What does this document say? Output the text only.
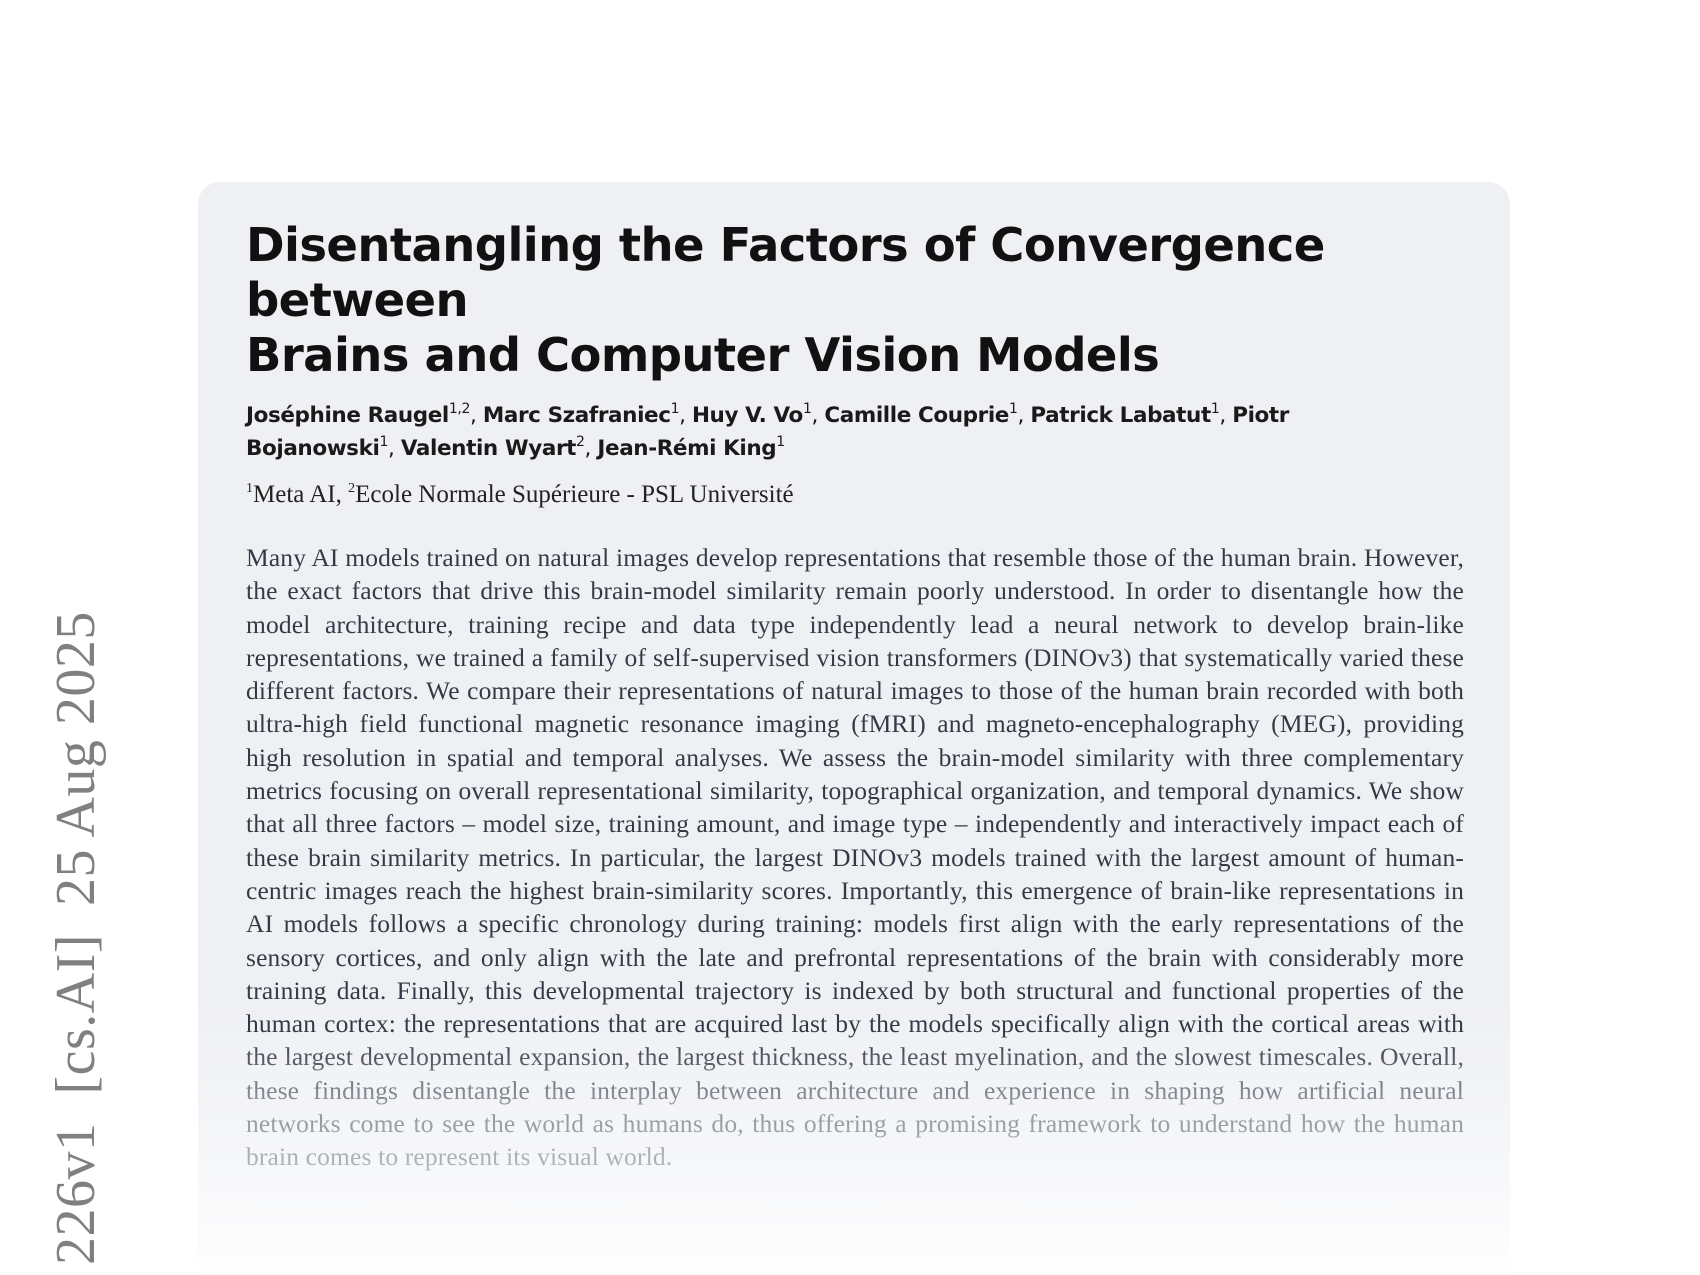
226v1[cs.AI]25 Aug 2025
Disentangling the Factors of Convergence between
Brains and Computer Vision Models
Joséphine Raugel$^{1,2}$, Marc Szafraniec$^1$, Huy V. Vo$^1$, Camille Couprie$^1$, Patrick Labatut$^1$, Piotr Bojanowski$^1$, Valentin Wyart$^2$, Jean-Rémi King$^1$
$^1$Meta AI, $^2$Ecole Normale Supérieure - PSL Université
Many AI models trained on natural images develop representations that resemble those of the human brain. However, the exact factors that drive this brain-model similarity remain poorly understood. In order to disentangle how the model architecture, training recipe and data type independently lead a neural network to develop brain-like representations, we trained a family of self-supervised vision transformers (DINOv3) that systematically varied these different factors. We compare their representations of natural images to those of the human brain recorded with both ultra-high field functional magnetic resonance imaging (fMRI) and magneto-encephalography (MEG), providing high resolution in spatial and temporal analyses. We assess the brain-model similarity with three complementary metrics focusing on overall representational similarity, topographical organization, and temporal dynamics. We show that all three factors – model size, training amount, and image type – independently and interactively impact each of these brain similarity metrics. In particular, the largest DINOv3 models trained with the largest amount of human-centric images reach the highest brain-similarity scores. Importantly, this emergence of brain-like representations in AI models follows a specific chronology during training: models first align with the early representations of the sensory cortices, and only align with the late and prefrontal representations of the brain with considerably more training data. Finally, this developmental trajectory is indexed by both structural and functional properties of the human cortex: the representations that are acquired last by the models specifically align with the cortical areas with the largest developmental expansion, the largest thickness, the least myelination, and the slowest timescales. Overall, these findings disentangle the interplay between architecture and experience in shaping how artificial neural networks come to see the world as humans do, thus offering a promising framework to understand how the human brain comes to represent its visual world.
